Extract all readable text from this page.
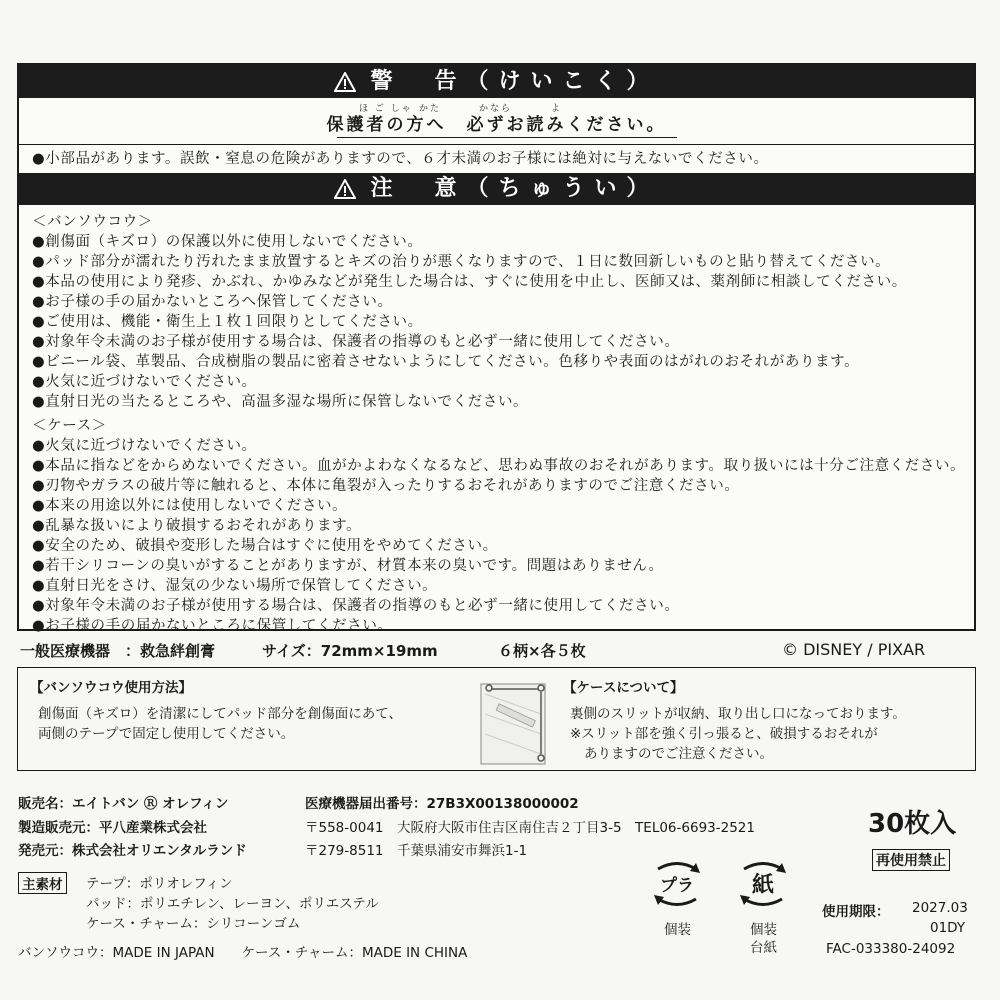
警　告（けいこく）
ほ ご しゃ かた	かなら	よ
保護者の方へ　必ずお読みください。
●小部品があります。誤飲・窒息の危険がありますので、６才未満のお子様には絶対に与えないでください。
注　意（ちゅうい）
＜バンソウコウ＞
●創傷面（キズロ）の保護以外に使用しないでください。
●パッド部分が濡れたり汚れたまま放置するとキズの治りが悪くなりますので、１日に数回新しいものと貼り替えてください。
●本品の使用により発疹、かぶれ、かゆみなどが発生した場合は、すぐに使用を中止し、医師又は、薬剤師に相談してください。
●お子様の手の届かないところへ保管してください。
●ご使用は、機能・衛生上１枚１回限りとしてください。
●対象年令未満のお子様が使用する場合は、保護者の指導のもと必ず一緒に使用してください。
●ビニール袋、革製品、合成樹脂の製品に密着させないようにしてください。色移りや表面のはがれのおそれがあります。
●火気に近づけないでください。
●直射日光の当たるところや、高温多湿な場所に保管しないでください。
＜ケース＞
●火気に近づけないでください。
●本品に指などをからめないでください。血がかよわなくなるなど、思わぬ事故のおそれがあります。取り扱いには十分ご注意ください。
●刃物やガラスの破片等に触れると、本体に亀裂が入ったりするおそれがありますのでご注意ください。
●本来の用途以外には使用しないでください。
●乱暴な扱いにより破損するおそれがあります。
●安全のため、破損や変形した場合はすぐに使用をやめてください。
●若干シリコーンの臭いがすることがありますが、材質本来の臭いです。問題はありません。
●直射日光をさけ、湿気の少ない場所で保管してください。
●対象年令未満のお子様が使用する場合は、保護者の指導のもと必ず一緒に使用してください。
●お子様の手の届かないところに保管してください。
一般医療機器　：救急絆創膏	サイズ：72mm×19mm	６柄×各５枚	© DISNEY / PIXAR
【バンソウコウ使用方法】
創傷面（キズロ）を清潔にしてパッド部分を創傷面にあて、
両側のテープで固定し使用してください。
【ケースについて】
裏側のスリットが収納、取り出し口になっております。
※スリット部を強く引っ張ると、破損するおそれが
ありますのでご注意ください。
販売名：エイトバン Ⓡ オレフィン	医療機器届出番号：27B3X00138000002
製造販売元：平八産業株式会社	〒558-0041　大阪府大阪市住吉区南住吉２丁目3-5　TEL06-6693-2521
発売元：株式会社オリエンタルランド	〒279-8511　千葉県浦安市舞浜1-1
30枚入
再使用禁止
主素材 テープ：ポリオレフィン
パッド：ポリエチレン、レーヨン、ポリエステル
ケース・チャーム：シリコーンゴム
バンソウコウ：MADE IN JAPAN　　ケース・チャーム：MADE IN CHINA
プラ
個装
紙
個装
台紙
使用期限： 2027.03
01DY
FAC-033380-24092
